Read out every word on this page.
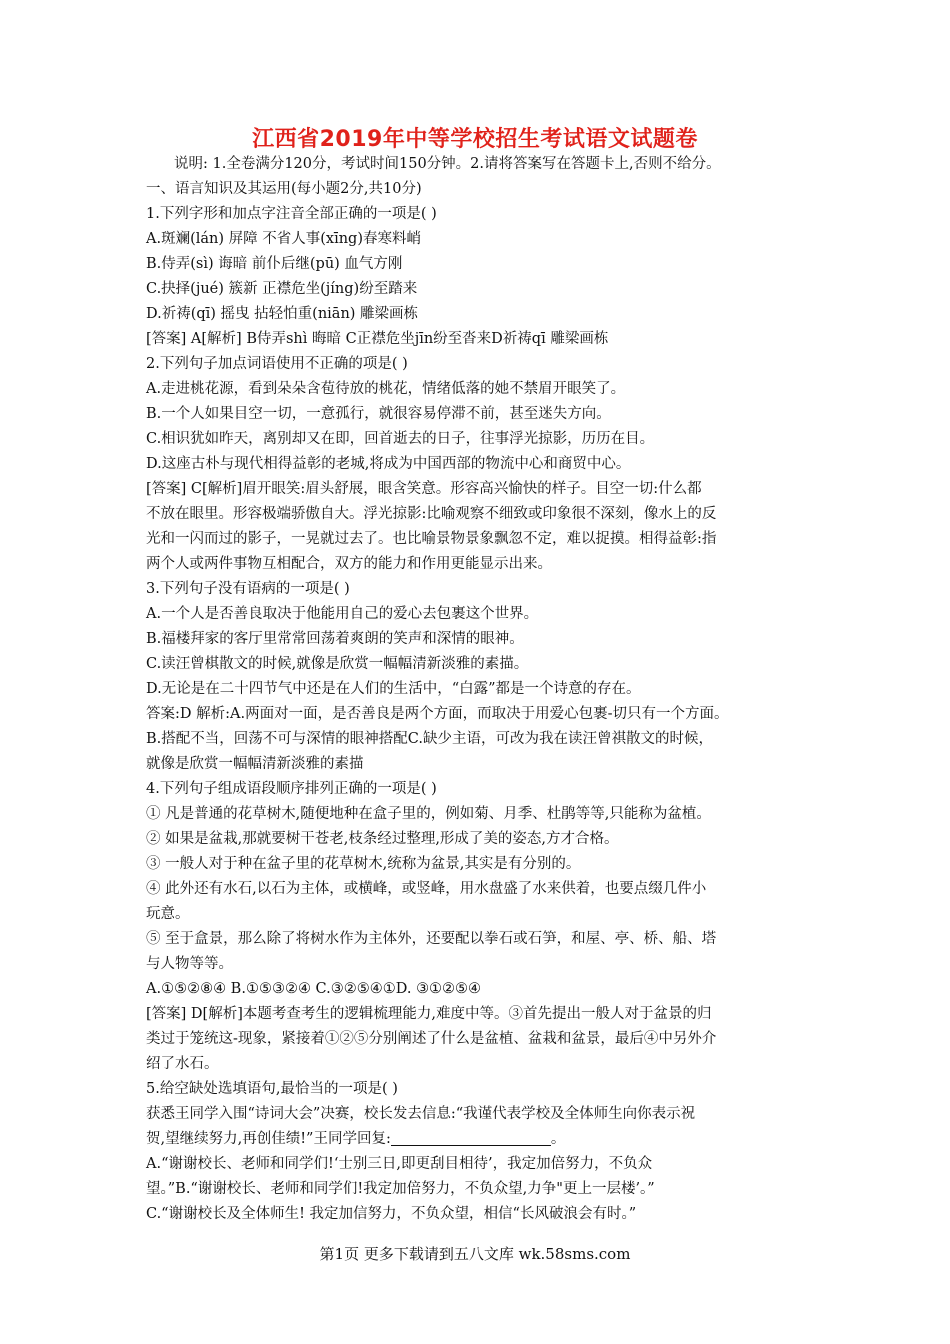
江西省2019年中等学校招生考试语文试题卷
说明: 1.全卷满分120分，考试时间150分钟。2.请将答案写在答题卡上,否则不给分。
一、语言知识及其运用(每小题2分,共10分)
1.下列字形和加点字注音全部正确的一项是( )
A.斑斓(lán) 屏障 不省人事(xīng)春寒料峭
B.侍弄(sì) 诲暗 前仆后继(pū) 血气方刚
C.抉择(jué) 簇新 正襟危坐(jíng)纷至踏来
D.祈祷(qī) 摇曳 拈轻怕重(niān) 雕梁画栋
[答案] A[解析] B侍弄shì 晦暗 C正襟危坐jīn纷至沓来D祈祷qī 雕梁画栋
2.下列句子加点词语使用不正确的项是( )
A.走进桃花源，看到朵朵含苞待放的桃花，情绪低落的她不禁眉开眼笑了。
B.一个人如果目空一切，一意孤行，就很容易停滞不前，甚至迷失方向。
C.相识犹如昨天，离别却又在即，回首逝去的日子，往事浮光掠影，历历在目。
D.这座古朴与现代相得益彰的老城,将成为中国西部的物流中心和商贸中心。
[答案] C[解析]眉开眼笑:眉头舒展，眼含笑意。形容高兴愉快的样子。目空一切:什么都
不放在眼里。形容极端骄傲自大。浮光掠影:比喻观察不细致或印象很不深刻，像水上的反
光和一闪而过的影子，一晃就过去了。也比喻景物景象飘忽不定，难以捉摸。相得益彰:指
两个人或两件事物互相配合，双方的能力和作用更能显示出来。
3.下列句子没有语病的一项是( )
A.一个人是否善良取决于他能用自己的爱心去包裹这个世界。
B.福楼拜家的客厅里常常回荡着爽朗的笑声和深情的眼神。
C.读汪曾棋散文的时候,就像是欣赏一幅幅清新淡雅的素描。
D.无论是在二十四节气中还是在人们的生活中，“白露”都是一个诗意的存在。
答案:D 解析:A.两面对一面，是否善良是两个方面，而取决于用爱心包裹-切只有一个方面。
B.搭配不当，回荡不可与深情的眼神搭配C.缺少主语，可改为我在读汪曾祺散文的时候，
就像是欣赏一幅幅清新淡雅的素描
4.下列句子组成语段顺序排列正确的一项是( )
① 凡是普通的花草树木,随便地种在盒子里的，例如菊、月季、杜鹃等等,只能称为盆植。
② 如果是盆栽,那就要树干苍老,枝条经过整理,形成了美的姿态,方才合格。
③ 一般人对于种在盆子里的花草树木,统称为盆景,其实是有分别的。
④ 此外还有水石,以石为主体，或横峰，或竖峰，用水盘盛了水来供着，也要点缀几件小
玩意。
⑤ 至于盒景，那么除了将树水作为主体外，还要配以拳石或石笋，和屋、亭、桥、船、塔
与人物等等。
A.①⑤②⑧④ B.①⑤③②④ C.③②⑤④①D. ③①②⑤④
[答案] D[解析]本题考查考生的逻辑梳理能力,难度中等。③首先提出一般人对于盆景的归
类过于笼统这-现象，紧接着①②⑤分别阐述了什么是盆植、盆栽和盆景，最后④中另外介
绍了水石。
5.给空缺处选填语句,最恰当的一项是( )
获悉王同学入围“诗词大会”决赛，校长发去信息:“我谨代表学校及全体师生向你表示祝
贺,望继续努力,再创佳绩!”王同学回复:	。
A.“谢谢校长、老师和同学们!‘士别三日,即更刮目相待’，我定加倍努力，不负众
望。”B.“谢谢校长、老师和同学们!我定加倍努力，不负众望,力争"更上一层楼’。”
C.“谢谢校长及全体师生! 我定加信努力，不负众望，相信“长风破浪会有时。”
第1页 更多下载请到五八文库 wk.58sms.com
